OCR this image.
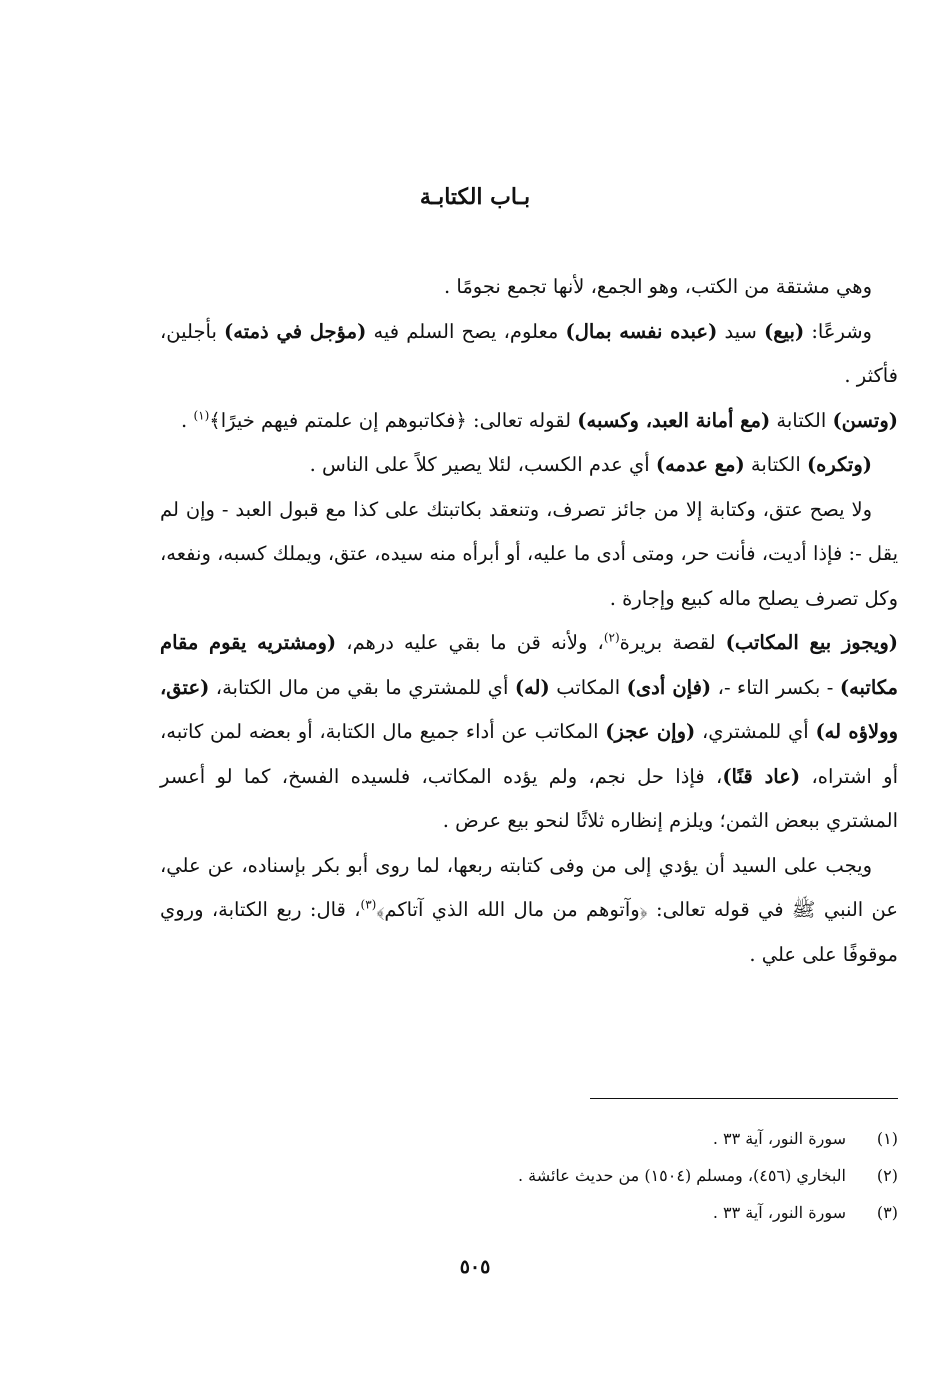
بـاب الكتابـة

وهي مشتقة من الكتب، وهو الجمع، لأنها تجمع نجومًا .

وشرعًا: (بيع) سيد (عبده نفسه بمال) معلوم، يصح السلم فيه (مؤجل في ذمته) بأجلين، فأكثر .

(وتسن) الكتابة (مع أمانة العبد، وكسبه) لقوله تعالى: ﴿فكاتبوهم إن علمتم فيهم خيرًا﴾$^{(١)}$ .

(وتكره) الكتابة (مع عدمه) أي عدم الكسب، لئلا يصير كلاً على الناس .

ولا يصح عتق، وكتابة إلا من جائز تصرف، وتنعقد بكاتبتك على كذا مع قبول العبد - وإن لم يقل -: فإذا أديت، فأنت حر، ومتى أدى ما عليه، أو أبرأه منه سيده، عتق، ويملك كسبه، ونفعه، وكل تصرف يصلح ماله كبيع وإجارة .

(ويجوز بيع المكاتب) لقصة بريرة$^{(٢)}$، ولأنه قن ما بقي عليه درهم، (ومشتريه يقوم مقام مكاتبه) - بكسر التاء -، (فإن أدى) المكاتب (له) أي للمشتري ما بقي من مال الكتابة، (عتق، وولاؤه له) أي للمشتري، (وإن عجز) المكاتب عن أداء جميع مال الكتابة، أو بعضه لمن كاتبه، أو اشتراه، (عاد قنًا)، فإذا حل نجم، ولم يؤده المكاتب، فلسيده الفسخ، كما لو أعسر المشتري ببعض الثمن؛ ويلزم إنظاره ثلاثًا لنحو بيع عرض .

ويجب على السيد أن يؤدي إلى من وفى كتابته ربعها، لما روى أبو بكر بإسناده، عن علي، عن النبي ﷺ في قوله تعالى: ﴿وآتوهم من مال الله الذي آتاكم﴾$^{(٣)}$، قال: ربع الكتابة، وروي موقوفًا على علي .

(١)
سورة النور، آية ٣٣ .
(٢)
البخاري (٤٥٦)، ومسلم (١٥٠٤) من حديث عائشة .
(٣)
سورة النور، آية ٣٣ .
٥٠٥
